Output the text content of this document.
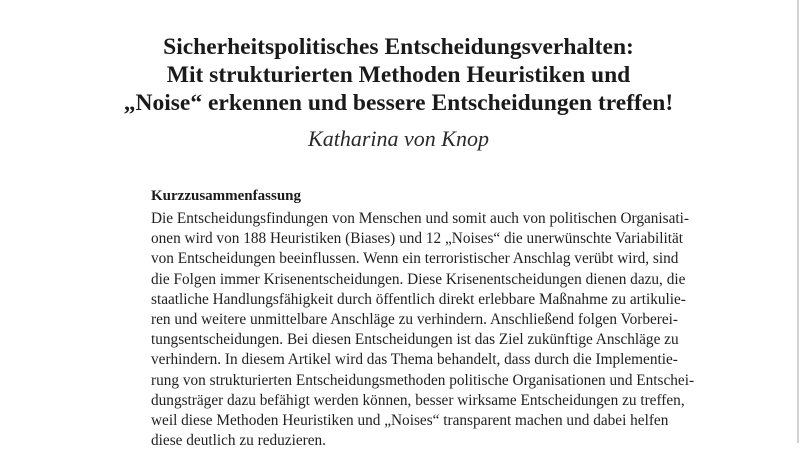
Sicherheitspolitisches Entscheidungsverhalten:
Mit strukturierten Methoden Heuristiken und
„Noise“ erkennen und bessere Entscheidungen treffen!
Katharina von Knop
Kurzzusammenfassung
Die Entscheidungsfindungen von Menschen und somit auch von politischen Organisati-
onen wird von 188 Heuristiken (Biases) und 12 „Noises“ die unerwünschte Variabilität
von Entscheidungen beeinflussen. Wenn ein terroristischer Anschlag verübt wird, sind
die Folgen immer Krisenentscheidungen. Diese Krisenentscheidungen dienen dazu, die
staatliche Handlungsfähigkeit durch öffentlich direkt erlebbare Maßnahme zu artikulie-
ren und weitere unmittelbare Anschläge zu verhindern. Anschließend folgen Vorberei-
tungsentscheidungen. Bei diesen Entscheidungen ist das Ziel zukünftige Anschläge zu
verhindern. In diesem Artikel wird das Thema behandelt, dass durch die Implementie-
rung von strukturierten Entscheidungsmethoden politische Organisationen und Entschei-
dungsträger dazu befähigt werden können, besser wirksame Entscheidungen zu treffen,
weil diese Methoden Heuristiken und „Noises“ transparent machen und dabei helfen
diese deutlich zu reduzieren.
